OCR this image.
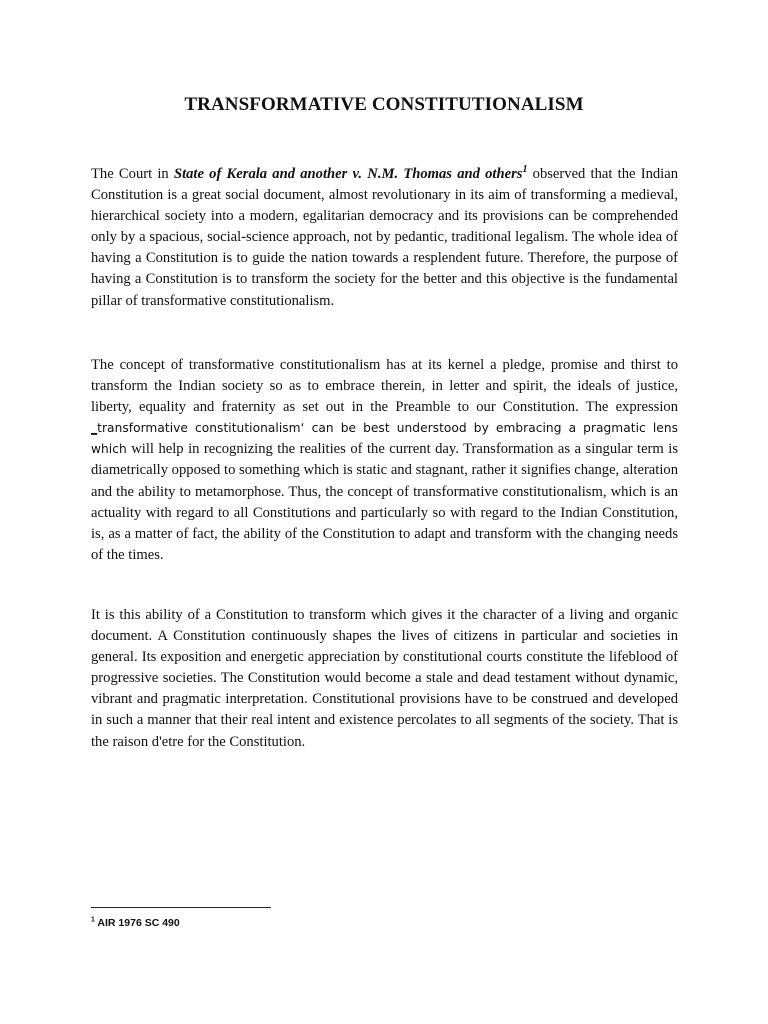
TRANSFORMATIVE CONSTITUTIONALISM

The Court in State of Kerala and another v. N.M. Thomas and others$^1$ observed that the Indian Constitution is a great social document, almost revolutionary in its aim of transforming a medieval, hierarchical society into a modern, egalitarian democracy and its provisions can be comprehended only by a spacious, social-science approach, not by pedantic, traditional legalism. The whole idea of having a Constitution is to guide the nation towards a resplendent future. Therefore, the purpose of having a Constitution is to transform the society for the better and this objective is the fundamental pillar of transformative constitutionalism.

The concept of transformative constitutionalism has at its kernel a pledge, promise and thirst to transform the Indian society so as to embrace therein, in letter and spirit, the ideals of justice, liberty, equality and fraternity as set out in the Preamble to our Constitution. The expression _transformative constitutionalism‘ can be best understood by embracing a pragmatic lens which will help in recognizing the realities of the current day. Transformation as a singular term is diametrically opposed to something which is static and stagnant, rather it signifies change, alteration and the ability to metamorphose. Thus, the concept of transformative constitutionalism, which is an actuality with regard to all Constitutions and particularly so with regard to the Indian Constitution, is, as a matter of fact, the ability of the Constitution to adapt and transform with the changing needs of the times.

It is this ability of a Constitution to transform which gives it the character of a living and organic document. A Constitution continuously shapes the lives of citizens in particular and societies in general. Its exposition and energetic appreciation by constitutional courts constitute the lifeblood of progressive societies. The Constitution would become a stale and dead testament without dynamic, vibrant and pragmatic interpretation. Constitutional provisions have to be construed and developed in such a manner that their real intent and existence percolates to all segments of the society. That is the raison d'etre for the Constitution.

$^1$ AIR 1976 SC 490
